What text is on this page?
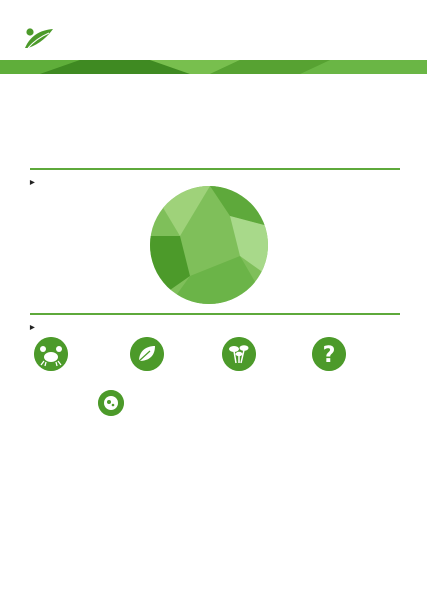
▶
▶
?
